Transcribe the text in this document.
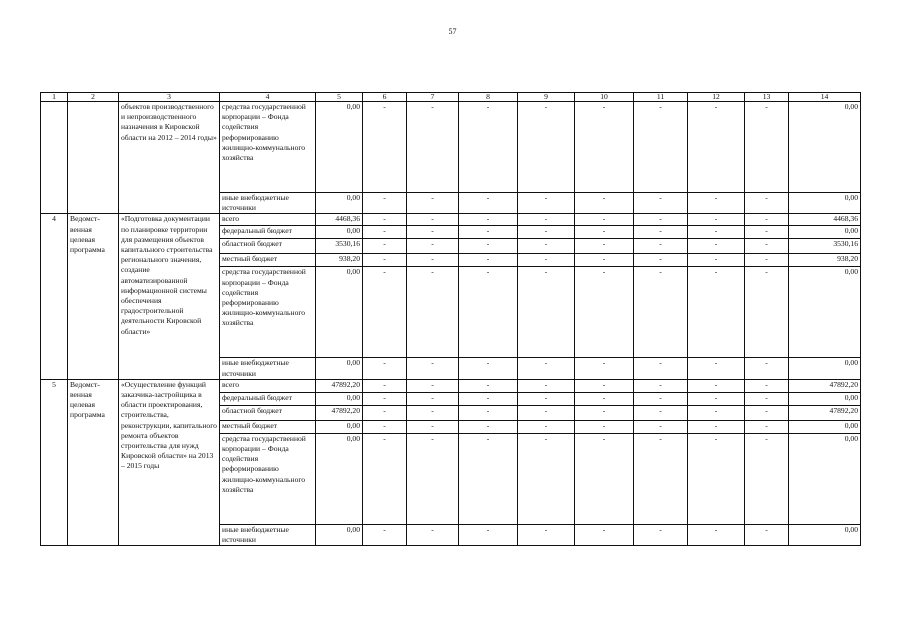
57
1	2	3	4	5	6	7	8	9	10	11	12	13	14
		объектов производственного и непроизводственного назначения в Кировской области на 2012 – 2014 годы»	средства государственной корпорации – Фонда содействия реформированию жилищно-коммунального хозяйства	0,00	-	-	-	-	-	-	-	-	0,00
			иные внебюджетные источники	0,00	-	-	-	-	-	-	-	-	0,00
4	Ведомст-венная целевая программа	«Подготовка документации по планировке территории для размещения объектов капитального строительства регионального значения, создание автоматизированной информационной системы обеспечения градостроительной деятельности Кировской области»	всего	4468,36	-	-	-	-	-	-	-	-	4468,36
			федеральный бюджет	0,00	-	-	-	-	-	-	-	-	0,00
			областной бюджет	3530,16	-	-	-	-	-	-	-	-	3530,16
			местный бюджет	938,20	-	-	-	-	-	-	-	-	938,20
			средства государственной корпорации – Фонда содействия реформированию жилищно-коммунального хозяйства	0,00	-	-	-	-	-	-	-	-	0,00
			иные внебюджетные источники	0,00	-	-	-	-	-	-	-	-	0,00
5	Ведомст-венная целевая программа	«Осуществление функций заказчика-застройщика в области проектирования, строительства, реконструкции, капитального ремонта объектов строительства для нужд Кировской области» на 2013 – 2015 годы	всего	47892,20	-	-	-	-	-	-	-	-	47892,20
			федеральный бюджет	0,00	-	-	-	-	-	-	-	-	0,00
			областной бюджет	47892,20	-	-	-	-	-	-	-	-	47892,20
			местный бюджет	0,00	-	-	-	-	-	-	-	-	0,00
			средства государственной корпорации – Фонда содействия реформированию жилищно-коммунального хозяйства	0,00	-	-	-	-	-	-	-	-	0,00
			иные внебюджетные источники	0,00	-	-	-	-	-	-	-	-	0,00
